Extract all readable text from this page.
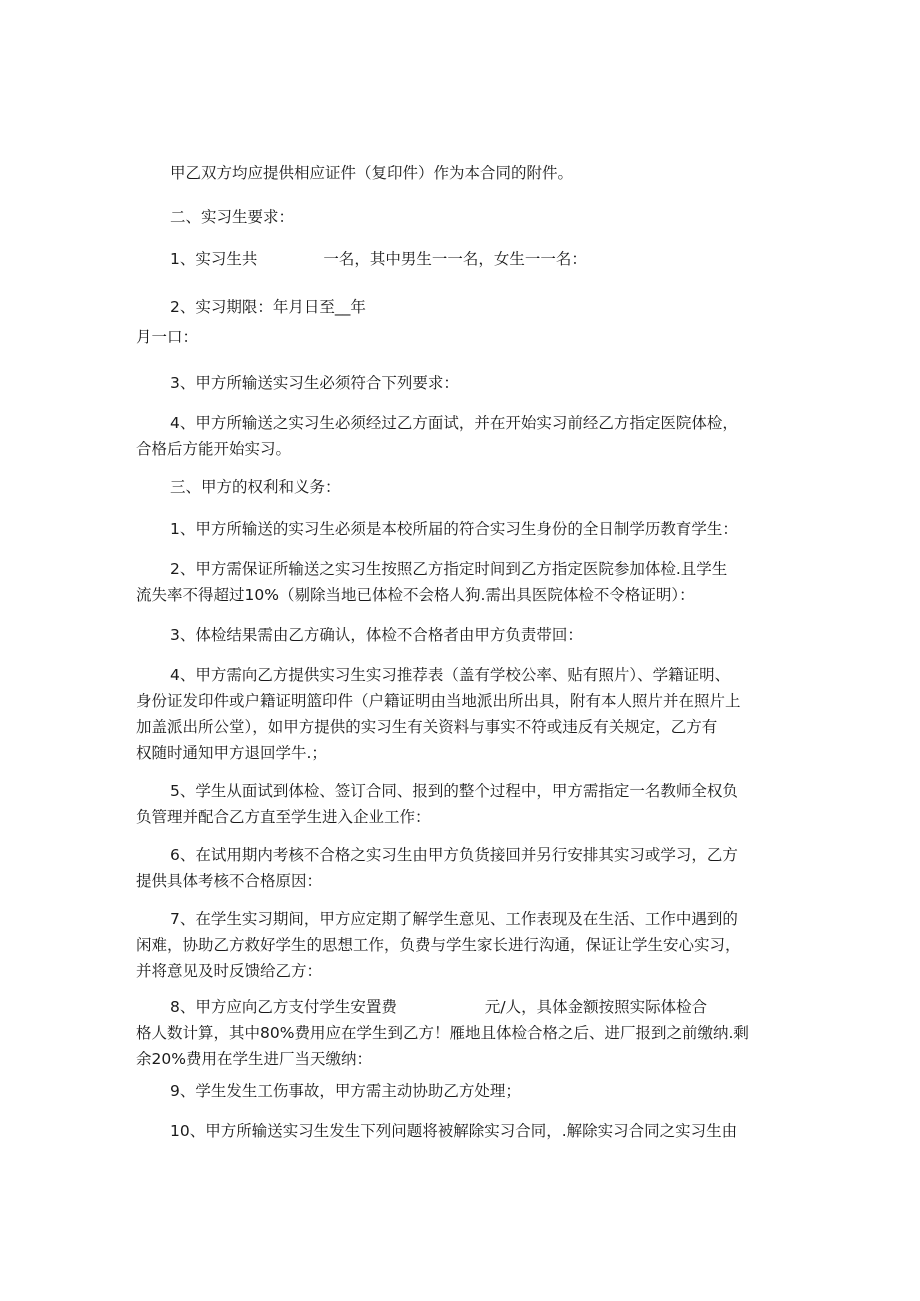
甲乙双方均应提供相应证件（复印件）作为本合同的附件。

二、实习生要求：

1、实习生共	一名，其中男生一一名，女生一一名：

2、实习期限：年月日至__年

月一口：

3、甲方所输送实习生必须符合下列要求：

4、甲方所输送之实习生必须经过乙方面试，并在开始实习前经乙方指定医院体检，
合格后方能开始实习。

三、甲方的权利和义务：

1、甲方所输送的实习生必须是本校所届的符合实习生身份的全日制学历教育学生：

2、甲方需保证所输送之实习生按照乙方指定时间到乙方指定医院参加体检.且学生
流失率不得超过10%（剔除当地已体检不会格人狗.需出具医院体检不令格证明）：

3、体检结果需由乙方确认，体检不合格者由甲方负责带回：

4、甲方需向乙方提供实习生实习推荐表（盖有学校公率、贴有照片）、学籍证明、
身份证发印件或户籍证明篮印件（户籍证明由当地派出所出具，附有本人照片并在照片上
加盖派出所公堂），如甲方提供的实习生有关资料与事实不符或违反有关规定，乙方有
权随时通知甲方退回学牛.；

5、学生从面试到体检、签订合同、报到的整个过程中，甲方需指定一名教师全权负
负管理并配合乙方直至学生进入企业工作：

6、在试用期内考核不合格之实习生由甲方负货接回并另行安排其实习或学习，乙方
提供具体考核不合格原因：

7、在学生实习期间，甲方应定期了解学生意见、工作表现及在生活、工作中遇到的
闲难，协助乙方救好学生的思想工作，负费与学生家长进行沟通，保证让学生安心实习，
并将意见及时反馈给乙方：

8、甲方应向乙方支付学生安置费	元/人，具体金额按照实际体检合
格人数计算，其中80%费用应在学生到乙方！雁地且体检合格之后、进厂报到之前缴纳.剩
余20%费用在学生进厂当天缴纳：

9、学生发生工伤事故，甲方需主动协助乙方处理；

10、甲方所输送实习生发生下列问题将被解除实习合同，.解除实习合同之实习生由
